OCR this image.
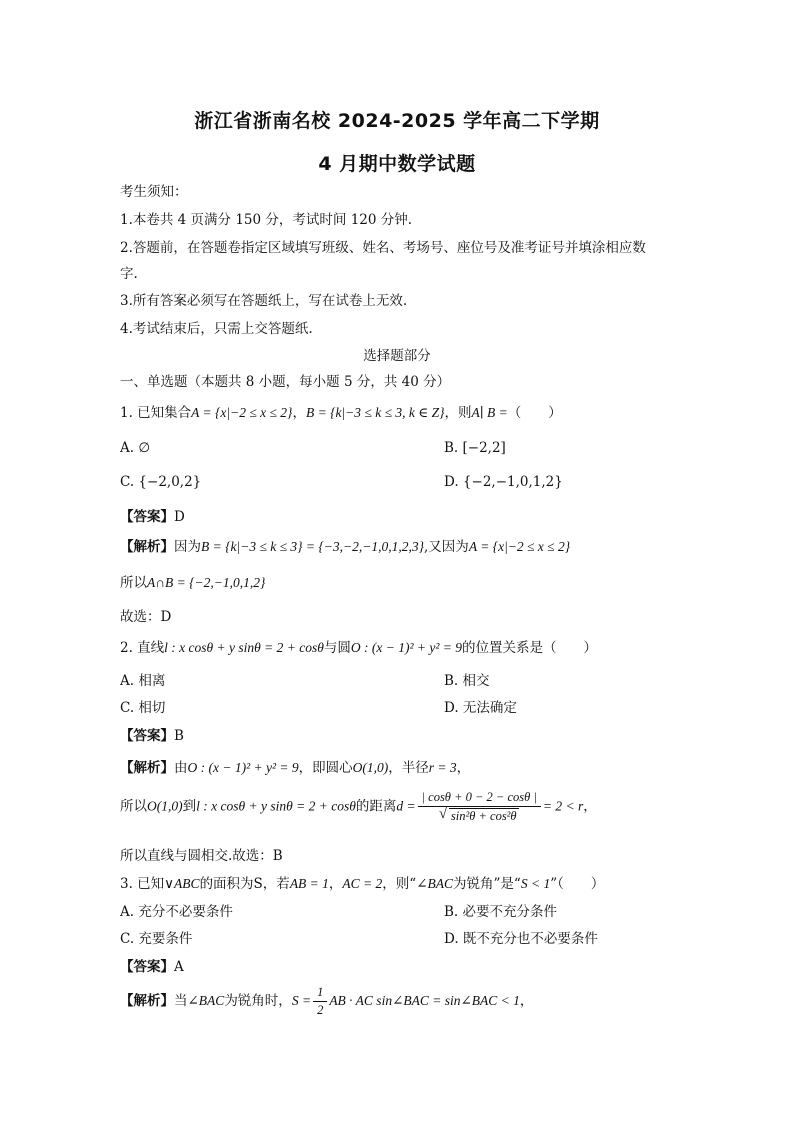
浙江省浙南名校 2024-2025 学年高二下学期
4 月期中数学试题
考生须知：
1.本卷共 4 页满分 150 分，考试时间 120 分钟.
2.答题前，在答题卷指定区域填写班级、姓名、考场号、座位号及准考证号并填涂相应数
字.
3.所有答案必须写在答题纸上，写在试卷上无效.
4.考试结束后，只需上交答题纸.
选择题部分
一、单选题（本题共 8 小题，每小题 5 分，共 40 分）
1. 已知集合A = {x|−2 ≤ x ≤ 2}，B = {k|−3 ≤ k ≤ 3, k ∈ Z}，则A∣ B =（　　）
A. ∅	B. [−2,2]
C. {−2,0,2}	D. {−2,−1,0,1,2}
【答案】D
【解析】因为B = {k|−3 ≤ k ≤ 3} = {−3,−2,−1,0,1,2,3},又因为A = {x|−2 ≤ x ≤ 2}
所以A∩B = {−2,−1,0,1,2}
故选：D
2. 直线l : x cosθ + y sinθ = 2 + cosθ与圆O : (x − 1)² + y² = 9的位置关系是（　　）
A. 相离	B. 相交
C. 相切	D. 无法确定
【答案】B
【解析】由O : (x − 1)² + y² = 9，即圆心O(1,0)，半径r = 3，
所以O(1,0)到l : x cosθ + y sinθ = 2 + cosθ的距离d = | cosθ + 0 − 2 − cosθ |
√ sin²θ + cos²θ = 2 < r，
所以直线与圆相交.故选：B
3. 已知∨ABC的面积为S，若AB = 1，AC = 2，则“∠BAC为锐角”是“S < 1”（　　）
A. 充分不必要条件	B. 必要不充分条件
C. 充要条件	D. 既不充分也不必要条件
【答案】A
【解析】当∠BAC为锐角时，$S = \frac{1}{2}$ AB · AC sin∠BAC = sin∠BAC < 1，
